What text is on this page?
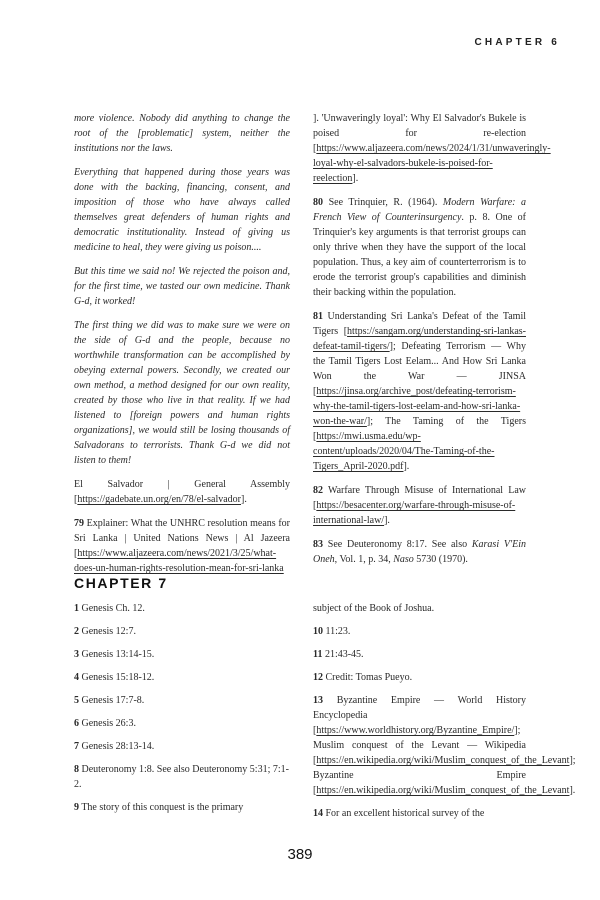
CHAPTER 6

more violence. Nobody did anything to change the root of the [problematic] system, neither the institutions nor the laws.

Everything that happened during those years was done with the backing, financing, consent, and imposition of those who have always called themselves great defenders of human rights and democratic institutionality. Instead of giving us medicine to heal, they were giving us poison....

But this time we said no! We rejected the poison and, for the first time, we tasted our own medicine. Thank G-d, it worked!

The first thing we did was to make sure we were on the side of G-d and the people, because no worthwhile transformation can be accomplished by obeying external powers. Secondly, we created our own method, a method designed for our own reality, created by those who live in that reality. If we had listened to [foreign powers and human rights organizations], we would still be losing thousands of Salvadorans to terrorists. Thank G-d we did not listen to them!

El Salvador | General Assembly [https://gadebate.un.org/en/78/el-salvador].

79 Explainer: What the UNHRC resolution means for Sri Lanka | United Nations News | Al Jazeera [https://www.aljazeera.com/news/2021/3/25/what-does-un-human-rights-resolution-mean-for-sri-lanka

]. 'Unwaveringly loyal': Why El Salvador's Bukele is poised for re-election [https://www.aljazeera.com/news/2024/1/31/unwaveringly-loyal-why-el-salvadors-bukele-is-poised-for-reelection].

80 See Trinquier, R. (1964). Modern Warfare: a French View of Counterinsurgency. p. 8. One of Trinquier's key arguments is that terrorist groups can only thrive when they have the support of the local population. Thus, a key aim of counterterrorism is to erode the terrorist group's capabilities and diminish their backing within the population.

81 Understanding Sri Lanka's Defeat of the Tamil Tigers [https://sangam.org/understanding-sri-lankas-defeat-tamil-tigers/]; Defeating Terrorism — Why the Tamil Tigers Lost Eelam... And How Sri Lanka Won the War — JINSA [https://jinsa.org/archive_post/defeating-terrorism-why-the-tamil-tigers-lost-eelam-and-how-sri-lanka-won-the-war/]; The Taming of the Tigers [https://mwi.usma.edu/wp-content/uploads/2020/04/The-Taming-of-the-Tigers_April-2020.pdf].

82 Warfare Through Misuse of International Law [https://besacenter.org/warfare-through-misuse-of-international-law/].

83 See Deuteronomy 8:17. See also Karasi V'Ein Oneh, Vol. 1, p. 34, Naso 5730 (1970).

CHAPTER 7

1 Genesis Ch. 12.

2 Genesis 12:7.

3 Genesis 13:14-15.

4 Genesis 15:18-12.

5 Genesis 17:7-8.

6 Genesis 26:3.

7 Genesis 28:13-14.

8 Deuteronomy 1:8. See also Deuteronomy 5:31; 7:1-2.

9 The story of this conquest is the primary

subject of the Book of Joshua.

10 11:23.

11 21:43-45.

12 Credit: Tomas Pueyo.

13 Byzantine Empire — World History Encyclopedia [https://www.worldhistory.org/Byzantine_Empire/]; Muslim conquest of the Levant — Wikipedia [https://en.wikipedia.org/wiki/Muslim_conquest_of_the_Levant]; Byzantine Empire [https://en.wikipedia.org/wiki/Muslim_conquest_of_the_Levant].

14 For an excellent historical survey of the

389
